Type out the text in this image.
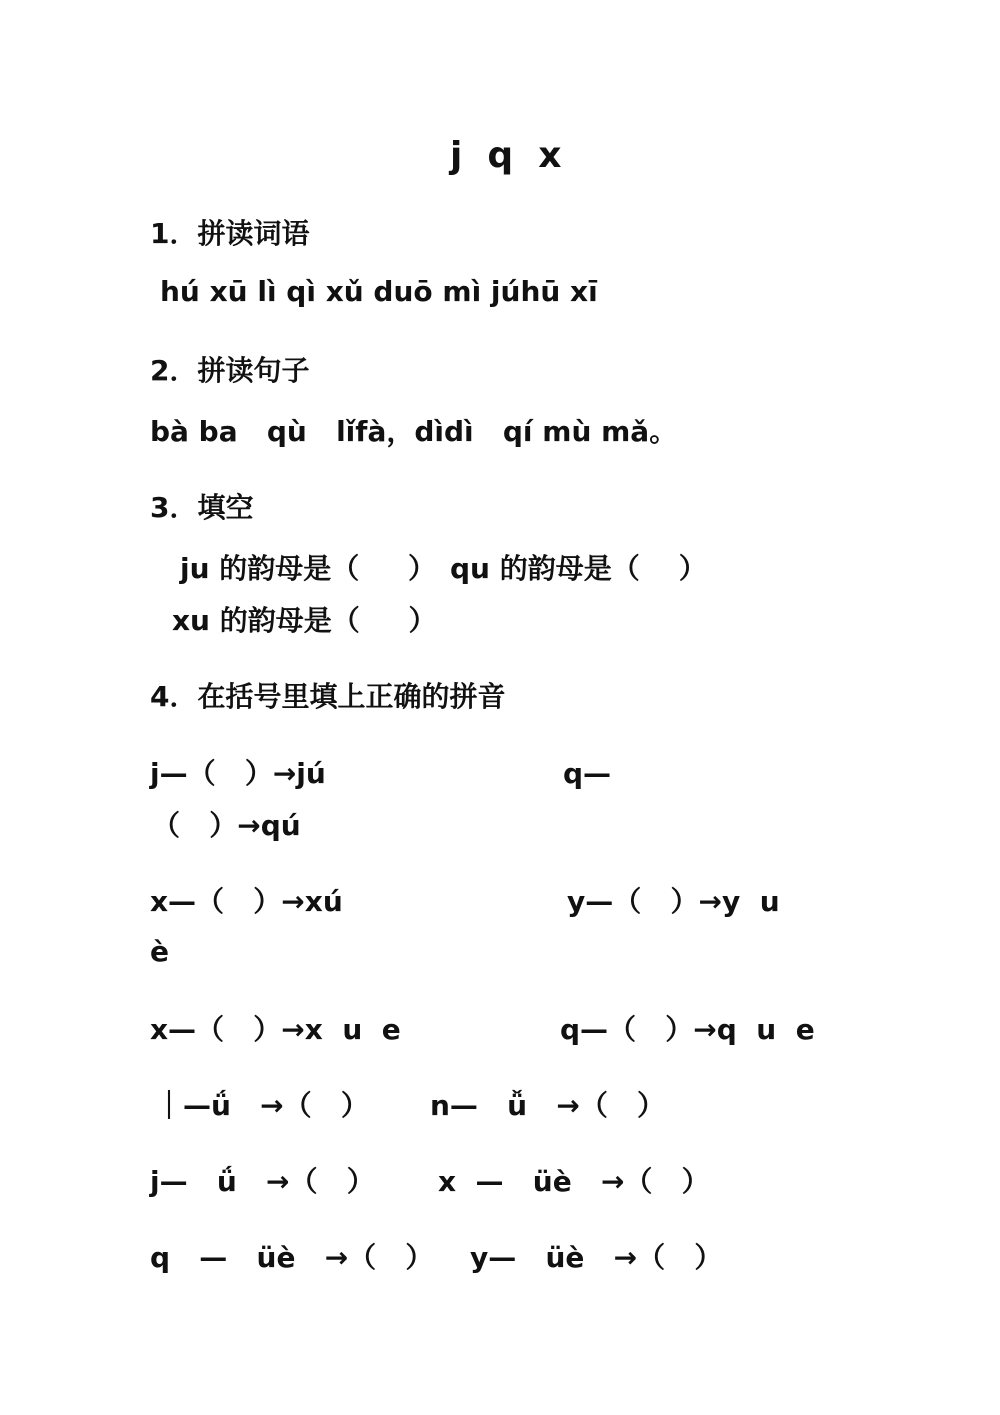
j  q  x
1．拼读词语
hú xū lì qì xǔ duō mì júhū xī
2．拼读句子
bà ba   qù   lǐfà，dìdì   qí mù mǎ。
3．填空
ju 的韵母是（     ） qu 的韵母是（    ）
xu 的韵母是（     ）
4．在括号里填上正确的拼音
j—（   ）→jú	q—
（   ）→qú
x—（   ）→xú	y—（   ）→y  u
è
x—（   ）→x  u  e	q—（   ）→q  u  e
｜—ǘ   →（   ） n—   ǚ   →（   ）
j—   ǘ   →（   ） x  —   üè   →（   ）
q   —   üè   →（   ） y—   üè   →（   ）
